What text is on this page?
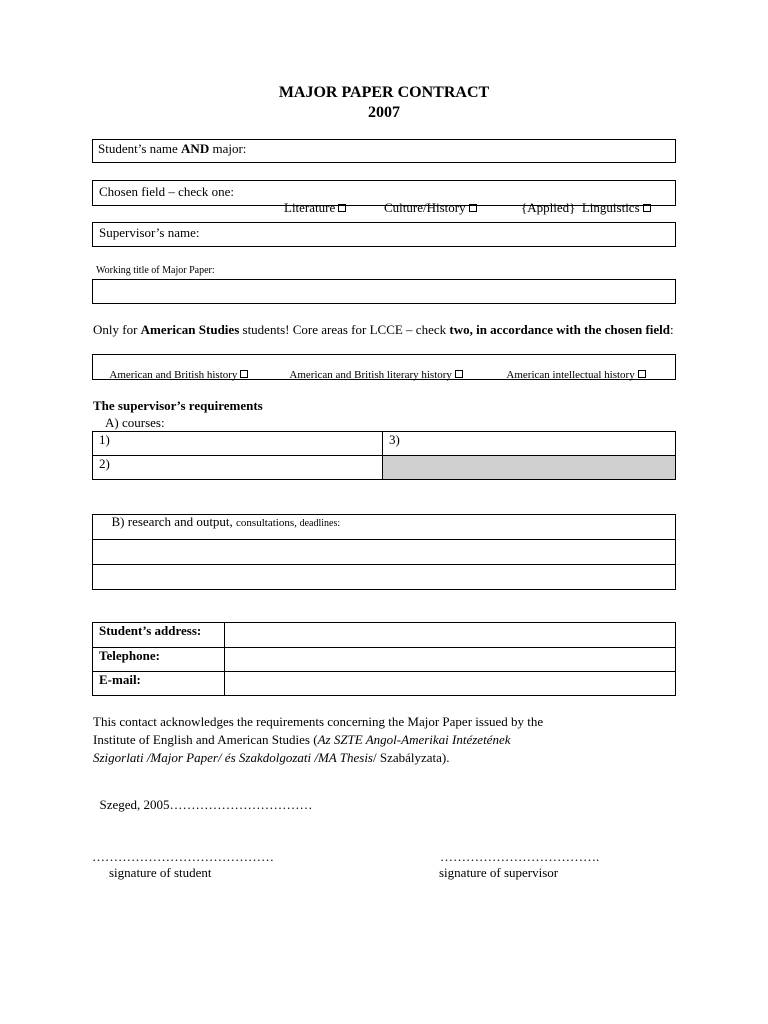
MAJOR PAPER CONTRACT
2007
Student’s name AND major:
Chosen field – check one:

Literature
	Culture/History
	{Applied}  Linguistics

Supervisor’s name:
Working title of Major Paper:
Only for American Studies students! Core areas for LCCE – check two, in accordance with the chosen field:

American and British history
	American and British literary history
	American intellectual history

The supervisor’s requirements
A) courses:
1)	3)
2)	

B) research and output, consultations, deadlines:

Student’s address:	
Telephone:	
E-mail:	
This contact acknowledges the requirements concerning the Major Paper issued by the
Institute of English and American Studies (Az SZTE Angol-Amerikai Intézetének
Szigorlati /Major Paper/ és Szakdolgozati /MA Thesis/ Szabályzata).

Szeged, 2005……………………………

……………………………………
signature of student
……………………………….
signature of supervisor
